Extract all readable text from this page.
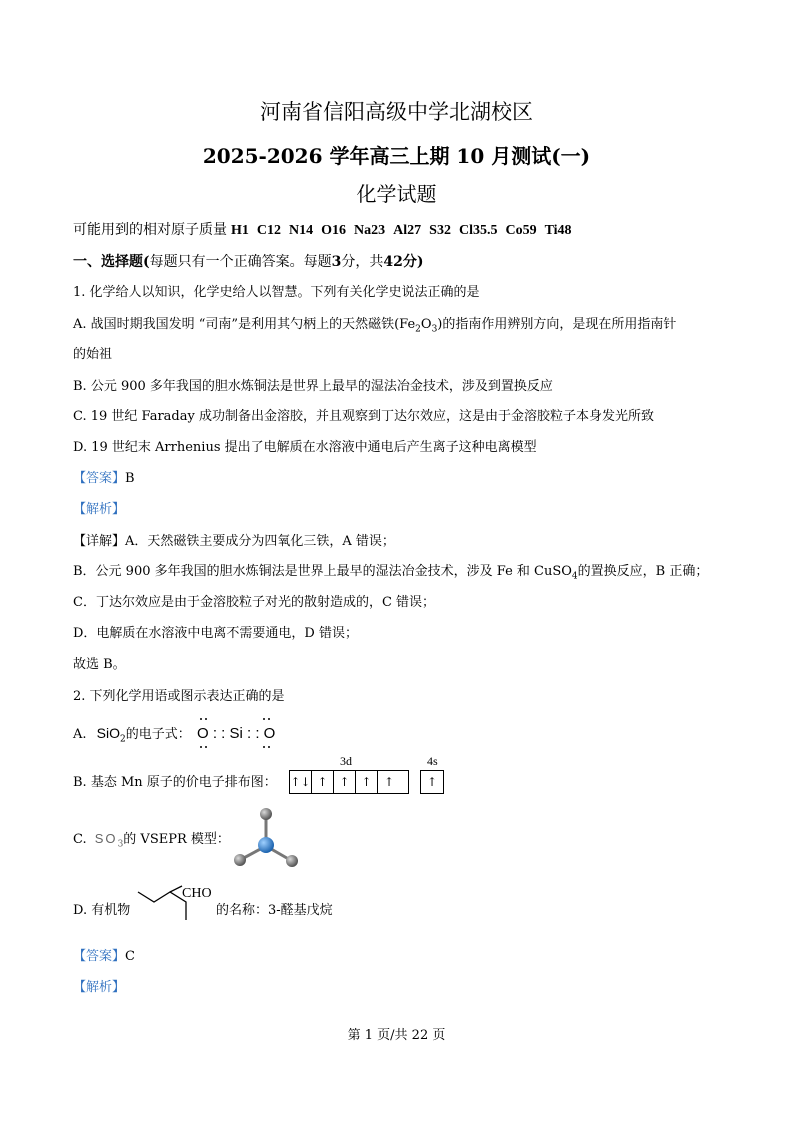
河南省信阳高级中学北湖校区
2025-2026 学年高三上期 10 月测试(一)
化学试题
可能用到的相对原子质量 H1 C12 N14 O16 Na23 Al27 S32 Cl35.5 Co59 Ti48
一、选择题(每题只有一个正确答案。每题3分，共42分)
1. 化学给人以知识，化学史给人以智慧。下列有关化学史说法正确的是
A. 战国时期我国发明 “司南”是利用其勺柄上的天然磁铁$(Fe_2O_3)$的指南作用辨别方向，是现在所用指南针
的始祖
B. 公元 900 多年我国的胆水炼铜法是世界上最早的湿法冶金技术，涉及到置换反应
C. 19 世纪 Faraday 成功制备出金溶胶，并且观察到丁达尔效应，这是由于金溶胶粒子本身发光所致
D. 19 世纪末 Arrhenius 提出了电解质在水溶液中通电后产生离子这种电离模型
【答案】B
【解析】
【详解】A．天然磁铁主要成分为四氧化三铁，A 错误；
B．公元 900 多年我国的胆水炼铜法是世界上最早的湿法冶金技术，涉及 Fe 和 CuSO$_4$的置换反应，B 正确；
C．丁达尔效应是由于金溶胶粒子对光的散射造成的，C 错误；
D．电解质在水溶液中电离不需要通电，D 错误；
故选 B。
2. 下列化学用语或图示表达正确的是
A. SiO$_2$的电子式： O : : Si : : O
B. 基态 Mn 原子的价电子排布图：
3d	4s
↑↓ ↑ ↑ ↑	↑	↑
C. $SO_3$的 VSEPR 模型：
D. 有机物
CHO
的名称：3-醛基戊烷
【答案】C
【解析】
第 1 页/共 22 页
